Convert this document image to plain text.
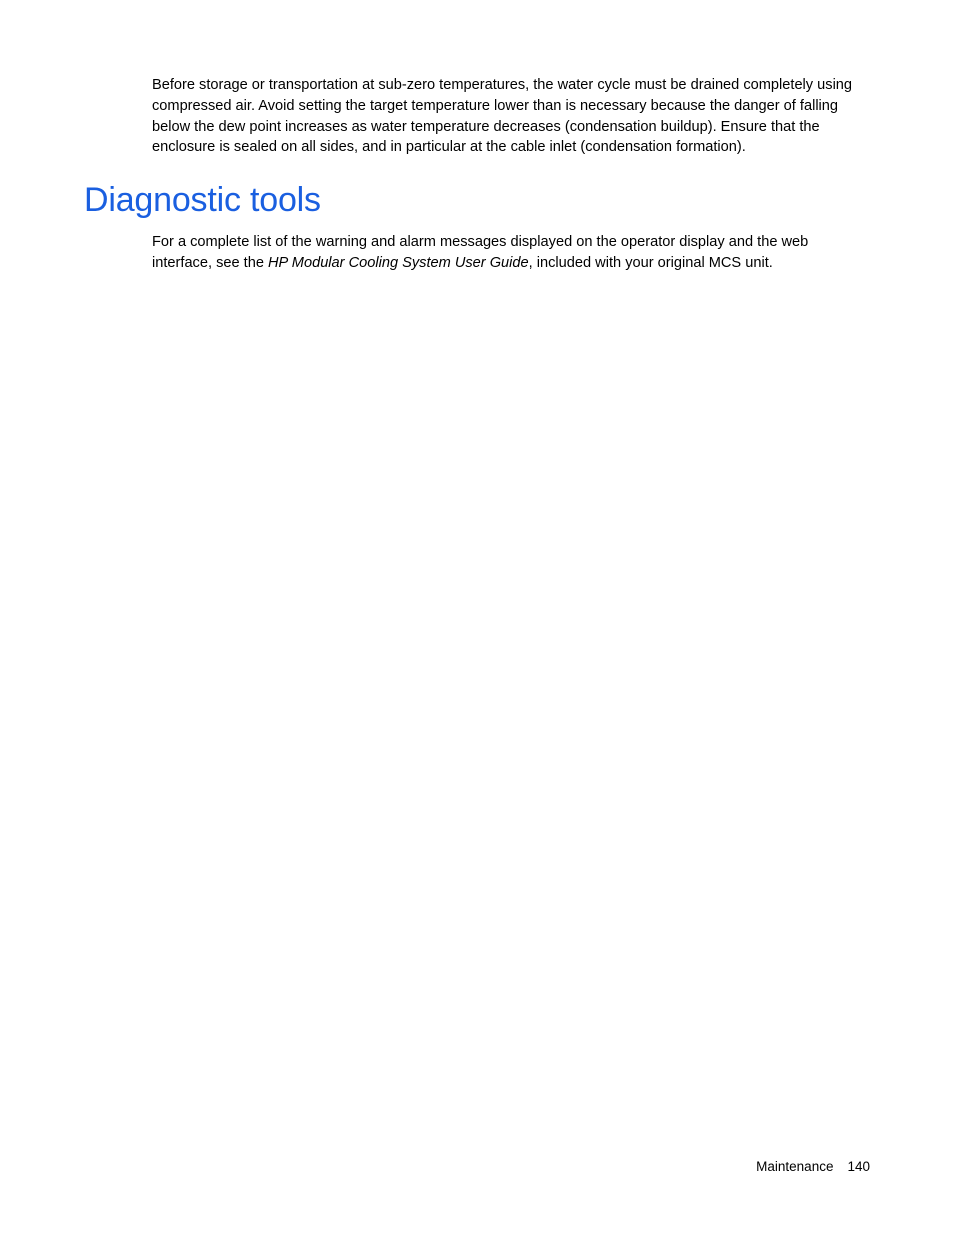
Before storage or transportation at sub-zero temperatures, the water cycle must be drained completely using compressed air. Avoid setting the target temperature lower than is necessary because the danger of falling below the dew point increases as water temperature decreases (condensation buildup). Ensure that the enclosure is sealed on all sides, and in particular at the cable inlet (condensation formation).

Diagnostic tools

For a complete list of the warning and alarm messages displayed on the operator display and the web interface, see the HP Modular Cooling System User Guide, included with your original MCS unit.

Maintenance 140
